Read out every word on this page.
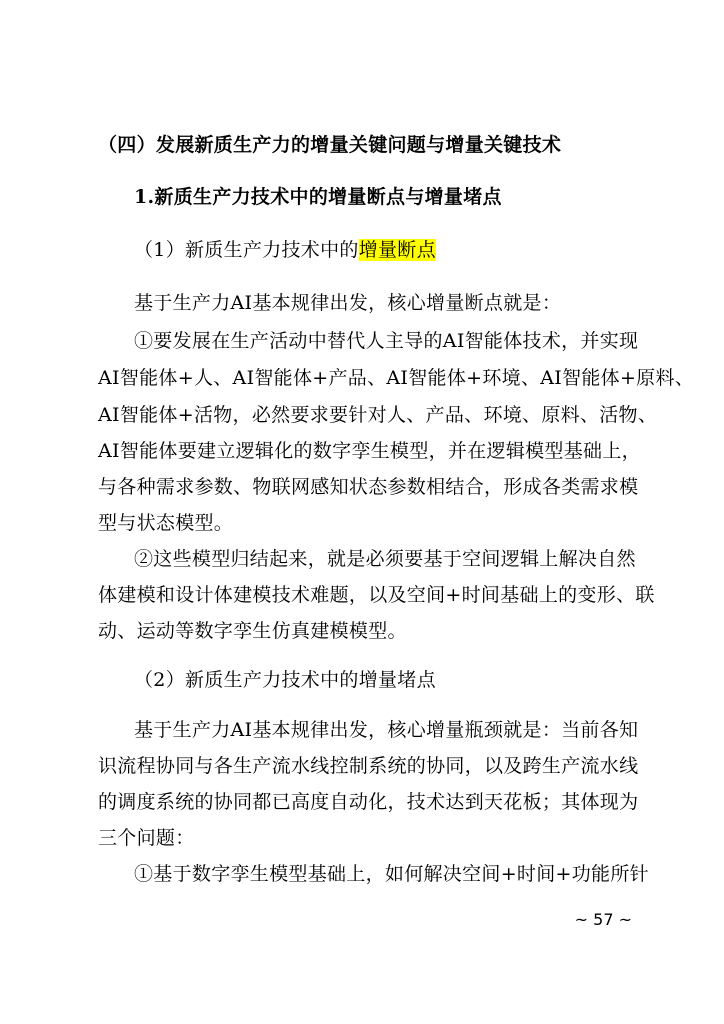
（四）发展新质生产力的增量关键问题与增量关键技术
1.新质生产力技术中的增量断点与增量堵点
（1）新质生产力技术中的增量断点
基于生产力AI基本规律出发，核心增量断点就是：
①要发展在生产活动中替代人主导的AI智能体技术，并实现
AI智能体+人、AI智能体+产品、AI智能体+环境、AI智能体+原料、
AI智能体+活物，必然要求要针对人、产品、环境、原料、活物、
AI智能体要建立逻辑化的数字孪生模型，并在逻辑模型基础上，
与各种需求参数、物联网感知状态参数相结合，形成各类需求模
型与状态模型。
②这些模型归结起来，就是必须要基于空间逻辑上解决自然
体建模和设计体建模技术难题，以及空间+时间基础上的变形、联
动、运动等数字孪生仿真建模模型。
（2）新质生产力技术中的增量堵点
基于生产力AI基本规律出发，核心增量瓶颈就是：当前各知
识流程协同与各生产流水线控制系统的协同，以及跨生产流水线
的调度系统的协同都已高度自动化，技术达到天花板；其体现为
三个问题：
①基于数字孪生模型基础上，如何解决空间+时间+功能所针
~ 57 ~
